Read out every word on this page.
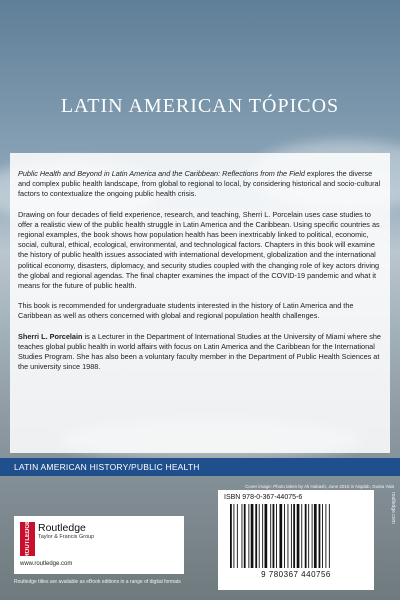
LATIN AMERICAN TÓPICOS

Public Health and Beyond in Latin America and the Caribbean: Reflections from the Field explores the diverse and complex public health landscape, from global to regional to local, by considering historical and socio-cultural factors to contextualize the ongoing public health crisis.

Drawing on four decades of field experience, research, and teaching, Sherri L. Porcelain uses case studies to offer a realistic view of the public health struggle in Latin America and the Caribbean. Using specific countries as regional examples, the book shows how population health has been inextricably linked to political, economic, social, cultural, ethical, ecological, environmental, and technological factors. Chapters in this book will examine the history of public health issues associated with international development, globalization and the international political economy, disasters, diplomacy, and security studies coupled with the changing role of key actors driving the global and regional agendas. The final chapter examines the impact of the COVID-19 pandemic and what it means for the future of public health.

This book is recommended for undergraduate students interested in the history of Latin America and the Caribbean as well as others concerned with global and regional population health challenges.

Sherri L. Porcelain is a Lecturer in the Department of International Studies at the University of Miami where she teaches global public health in world affairs with focus on Latin America and the Caribbean for the International Studies Program. She has also been a voluntary faculty member in the Department of Public Health Sciences at the university since 1988.

LATIN AMERICAN HISTORY/PUBLIC HEALTH
Cover image: Photo taken by Ali Habash, June 2015 in Niqdab, Gusta Yala
ROUTLEDGE Routledge
Taylor & Francis Group
www.routledge.com
Routledge titles are available as eBook editions in a range of digital formats
ISBN 978-0-367-44075-6
9 780367 440756
routledge.com
